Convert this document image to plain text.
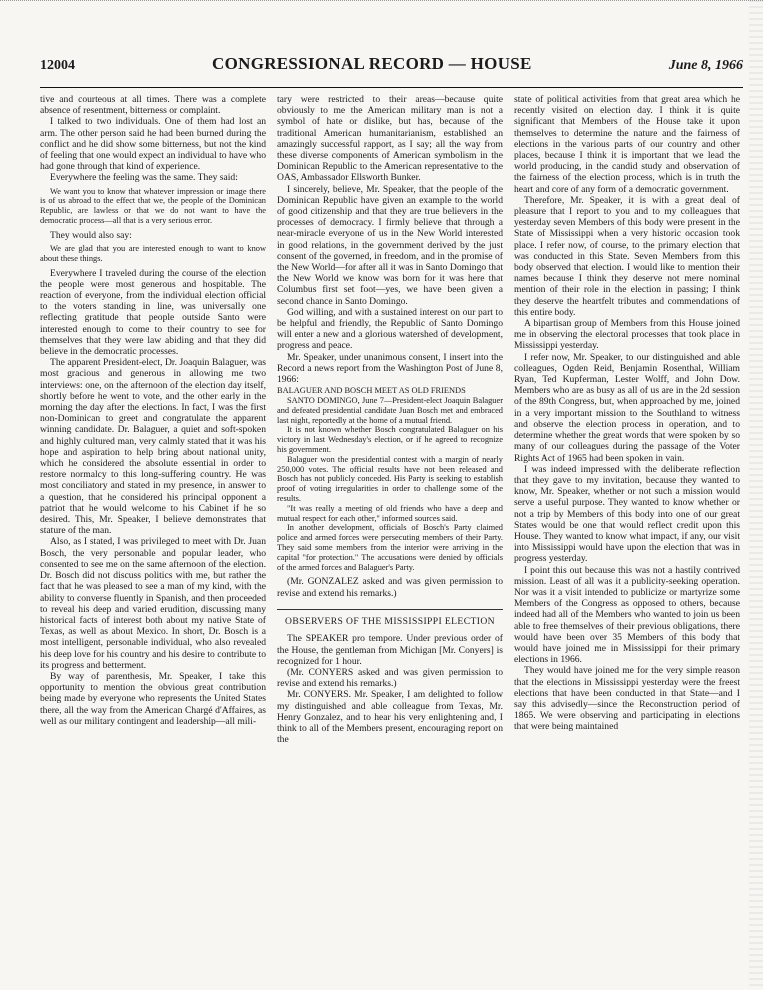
12004	CONGRESSIONAL RECORD — HOUSE	June 8, 1966

tive and courteous at all times. There was a complete absence of resentment, bitterness or complaint.

I talked to two individuals. One of them had lost an arm. The other person said he had been burned during the conflict and he did show some bitterness, but not the kind of feeling that one would expect an individual to have who had gone through that kind of experience.

Everywhere the feeling was the same. They said:

We want you to know that whatever impression or image there is of us abroad to the effect that we, the people of the Dominican Republic, are lawless or that we do not want to have the democratic process—all that is a very serious error.

They would also say:

We are glad that you are interested enough to want to know about these things.

Everywhere I traveled during the course of the election the people were most generous and hospitable. The reaction of everyone, from the individual election official to the voters standing in line, was universally one reflecting gratitude that people outside Santo were interested enough to come to their country to see for themselves that they were law abiding and that they did believe in the democratic processes.

The apparent President-elect, Dr. Joaquin Balaguer, was most gracious and generous in allowing me two interviews: one, on the afternoon of the election day itself, shortly before he went to vote, and the other early in the morning the day after the elections. In fact, I was the first non-Dominican to greet and congratulate the apparent winning candidate. Dr. Balaguer, a quiet and soft-spoken and highly cultured man, very calmly stated that it was his hope and aspiration to help bring about national unity, which he considered the absolute essential in order to restore normalcy to this long-suffering country. He was most conciliatory and stated in my presence, in answer to a question, that he considered his principal opponent a patriot that he would welcome to his Cabinet if he so desired. This, Mr. Speaker, I believe demonstrates that stature of the man.

Also, as I stated, I was privileged to meet with Dr. Juan Bosch, the very personable and popular leader, who consented to see me on the same afternoon of the election. Dr. Bosch did not discuss politics with me, but rather the fact that he was pleased to see a man of my kind, with the ability to converse fluently in Spanish, and then proceeded to reveal his deep and varied erudition, discussing many historical facts of interest both about my native State of Texas, as well as about Mexico. In short, Dr. Bosch is a most intelligent, personable individual, who also revealed his deep love for his country and his desire to contribute to its progress and betterment.

By way of parenthesis, Mr. Speaker, I take this opportunity to mention the obvious great contribution being made by everyone who represents the United States there, all the way from the American Chargé d'Affaires, as well as our military contingent and leadership—all mili-

tary were restricted to their areas—because quite obviously to me the American military man is not a symbol of hate or dislike, but has, because of the traditional American humanitarianism, established an amazingly successful rapport, as I say; all the way from these diverse components of American symbolism in the Dominican Republic to the American representative to the OAS, Ambassador Ellsworth Bunker.

I sincerely, believe, Mr. Speaker, that the people of the Dominican Republic have given an example to the world of good citizenship and that they are true believers in the processes of democracy. I firmly believe that through a near-miracle everyone of us in the New World interested in good relations, in the government derived by the just consent of the governed, in freedom, and in the promise of the New World—for after all it was in Santo Domingo that the New World we know was born for it was here that Columbus first set foot—yes, we have been given a second chance in Santo Domingo.

God willing, and with a sustained interest on our part to be helpful and friendly, the Republic of Santo Domingo will enter a new and a glorious watershed of development, progress and peace.

Mr. Speaker, under unanimous consent, I insert into the Record a news report from the Washington Post of June 8, 1966:

BALAGUER AND BOSCH MEET AS OLD FRIENDS

SANTO DOMINGO, June 7—President-elect Joaquin Balaguer and defeated presidential candidate Juan Bosch met and embraced last night, reportedly at the home of a mutual friend.

It is not known whether Bosch congratulated Balaguer on his victory in last Wednesday's election, or if he agreed to recognize his government.

Balaguer won the presidential contest with a margin of nearly 250,000 votes. The official results have not been released and Bosch has not publicly conceded. His Party is seeking to establish proof of voting irregularities in order to challenge some of the results.

"It was really a meeting of old friends who have a deep and mutual respect for each other," informed sources said.

In another development, officials of Bosch's Party claimed police and armed forces were persecuting members of their Party. They said some members from the interior were arriving in the capital "for protection." The accusations were denied by officials of the armed forces and Balaguer's Party.

(Mr. GONZALEZ asked and was given permission to revise and extend his remarks.)

OBSERVERS OF THE MISSISSIPPI ELECTION

The SPEAKER pro tempore. Under previous order of the House, the gentleman from Michigan [Mr. Conyers] is recognized for 1 hour.

(Mr. CONYERS asked and was given permission to revise and extend his remarks.)

Mr. CONYERS. Mr. Speaker, I am delighted to follow my distinguished and able colleague from Texas, Mr. Henry Gonzalez, and to hear his very enlightening and, I think to all of the Members present, encouraging report on the

state of political activities from that great area which he recently visited on election day. I think it is quite significant that Members of the House take it upon themselves to determine the nature and the fairness of elections in the various parts of our country and other places, because I think it is important that we lead the world producing, in the candid study and observation of the fairness of the election process, which is in truth the heart and core of any form of a democratic government.

Therefore, Mr. Speaker, it is with a great deal of pleasure that I report to you and to my colleagues that yesterday seven Members of this body were present in the State of Mississippi when a very historic occasion took place. I refer now, of course, to the primary election that was conducted in this State. Seven Members from this body observed that election. I would like to mention their names because I think they deserve not mere nominal mention of their role in the election in passing; I think they deserve the heartfelt tributes and commendations of this entire body.

A bipartisan group of Members from this House joined me in observing the electoral processes that took place in Mississippi yesterday.

I refer now, Mr. Speaker, to our distinguished and able colleagues, Ogden Reid, Benjamin Rosenthal, William Ryan, Ted Kupferman, Lester Wolff, and John Dow. Members who are as busy as all of us are in the 2d session of the 89th Congress, but, when approached by me, joined in a very important mission to the Southland to witness and observe the election process in operation, and to determine whether the great words that were spoken by so many of our colleagues during the passage of the Voter Rights Act of 1965 had been spoken in vain.

I was indeed impressed with the deliberate reflection that they gave to my invitation, because they wanted to know, Mr. Speaker, whether or not such a mission would serve a useful purpose. They wanted to know whether or not a trip by Members of this body into one of our great States would be one that would reflect credit upon this House. They wanted to know what impact, if any, our visit into Mississippi would have upon the election that was in progress yesterday.

I point this out because this was not a hastily contrived mission. Least of all was it a publicity-seeking operation. Nor was it a visit intended to publicize or martyrize some Members of the Congress as opposed to others, because indeed had all of the Members who wanted to join us been able to free themselves of their previous obligations, there would have been over 35 Members of this body that would have joined me in Mississippi for their primary elections in 1966.

They would have joined me for the very simple reason that the elections in Mississippi yesterday were the freest elections that have been conducted in that State—and I say this advisedly—since the Reconstruction period of 1865. We were observing and participating in elections that were being maintained
